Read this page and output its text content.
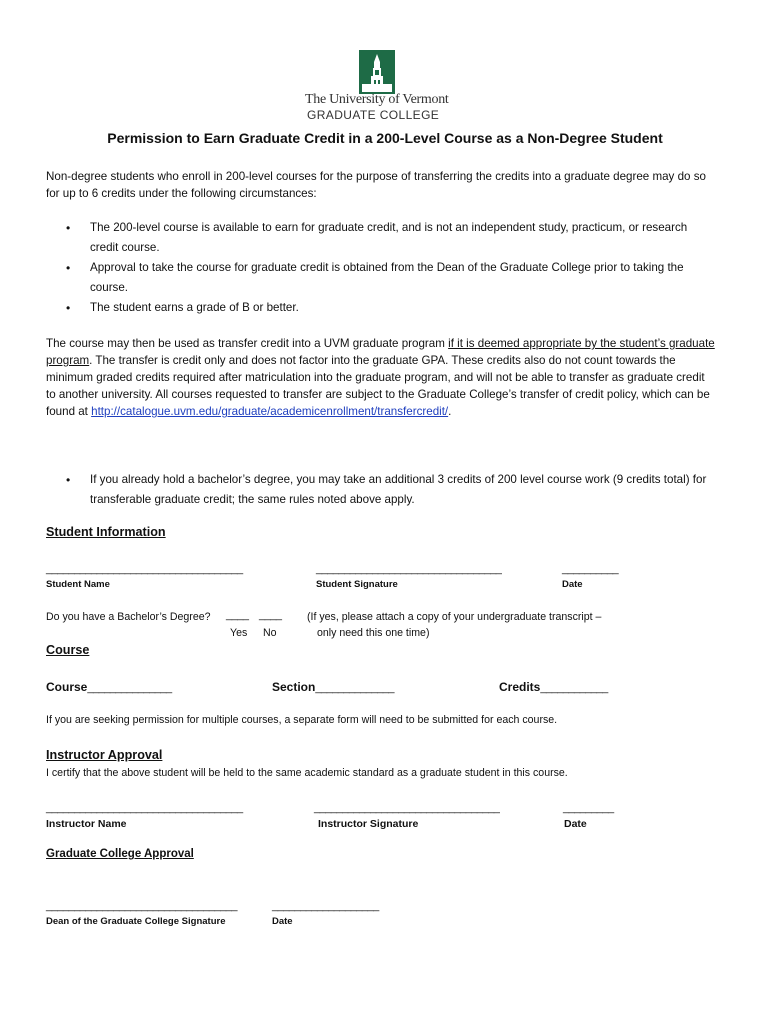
The University of Vermont
GRADUATE COLLEGE
Permission to Earn Graduate Credit in a 200-Level Course as a Non-Degree Student
Non-degree students who enroll in 200-level courses for the purpose of transferring the credits into a graduate degree may do so for up to 6 credits under the following circumstances:
• The 200-level course is available to earn for graduate credit, and is not an independent study, practicum, or research credit course.
• Approval to take the course for graduate credit is obtained from the Dean of the Graduate College prior to taking the course.
• The student earns a grade of B or better.
The course may then be used as transfer credit into a UVM graduate program if it is deemed appropriate by the student’s graduate program. The transfer is credit only and does not factor into the graduate GPA. These credits also do not count towards the minimum graded credits required after matriculation into the graduate program, and will not be able to transfer as graduate credit to another university. All courses requested to transfer are subject to the Graduate College’s transfer of credit policy, which can be found at http://catalogue.uvm.edu/graduate/academicenrollment/transfercredit/.
• If you already hold a bachelor’s degree, you may take an additional 3 credits of 200 level course work (9 credits total) for transferable graduate credit; the same rules noted above apply.
Student Information
___________________________________
Student Name
_________________________________
Student Signature
__________
Date
Do you have a Bachelor’s Degree? ____ ____
Yes No
(If yes, please attach a copy of your undergraduate transcript –
only need this one time)
Course
Course_______________	Section______________	Credits____________
If you are seeking permission for multiple courses, a separate form will need to be submitted for each course.
Instructor Approval
I certify that the above student will be held to the same academic standard as a graduate student in this course.
___________________________________
Instructor Name
_________________________________
Instructor Signature
_________
Date
Graduate College Approval
__________________________________
Dean of the Graduate College Signature
___________________
Date
